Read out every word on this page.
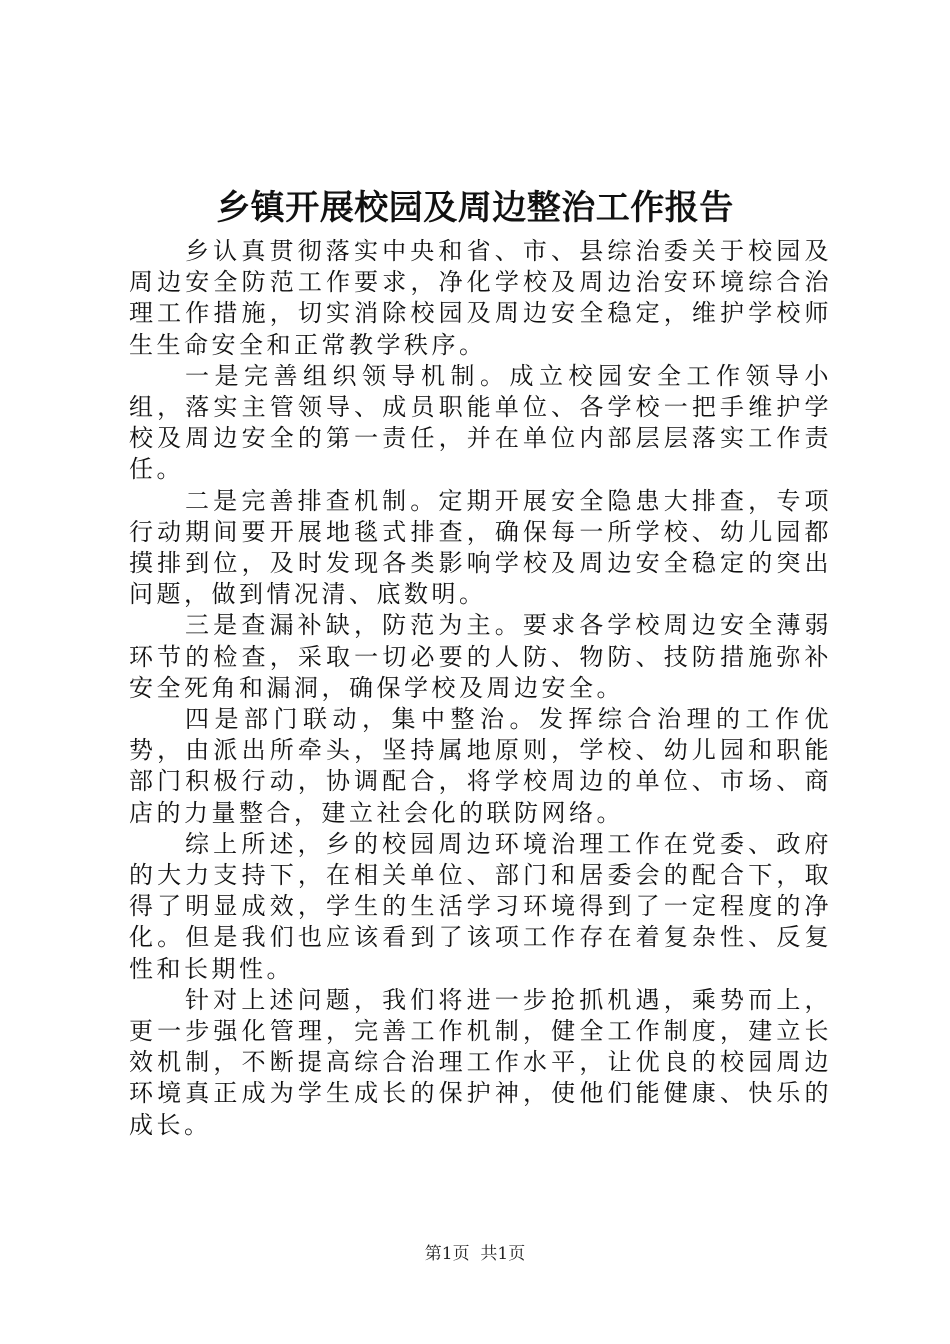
乡镇开展校园及周边整治工作报告

乡认真贯彻落实中央和省、市、县综治委关于校园及周边安全防范工作要求，净化学校及周边治安环境综合治理工作措施，切实消除校园及周边安全稳定，维护学校师生生命安全和正常教学秩序。

一是完善组织领导机制。成立校园安全工作领导小组，落实主管领导、成员职能单位、各学校一把手维护学校及周边安全的第一责任，并在单位内部层层落实工作责任。

二是完善排查机制。定期开展安全隐患大排查，专项行动期间要开展地毯式排查，确保每一所学校、幼儿园都摸排到位，及时发现各类影响学校及周边安全稳定的突出问题，做到情况清、底数明。

三是查漏补缺，防范为主。要求各学校周边安全薄弱环节的检查，采取一切必要的人防、物防、技防措施弥补安全死角和漏洞，确保学校及周边安全。

四是部门联动，集中整治。发挥综合治理的工作优势，由派出所牵头，坚持属地原则，学校、幼儿园和职能部门积极行动，协调配合，将学校周边的单位、市场、商店的力量整合，建立社会化的联防网络。

综上所述，乡的校园周边环境治理工作在党委、政府的大力支持下，在相关单位、部门和居委会的配合下，取得了明显成效，学生的生活学习环境得到了一定程度的净化。但是我们也应该看到了该项工作存在着复杂性、反复性和长期性。

针对上述问题，我们将进一步抢抓机遇，乘势而上，更一步强化管理，完善工作机制，健全工作制度，建立长效机制，不断提高综合治理工作水平，让优良的校园周边环境真正成为学生成长的保护神，使他们能健康、快乐的成长。

第1页  共1页
